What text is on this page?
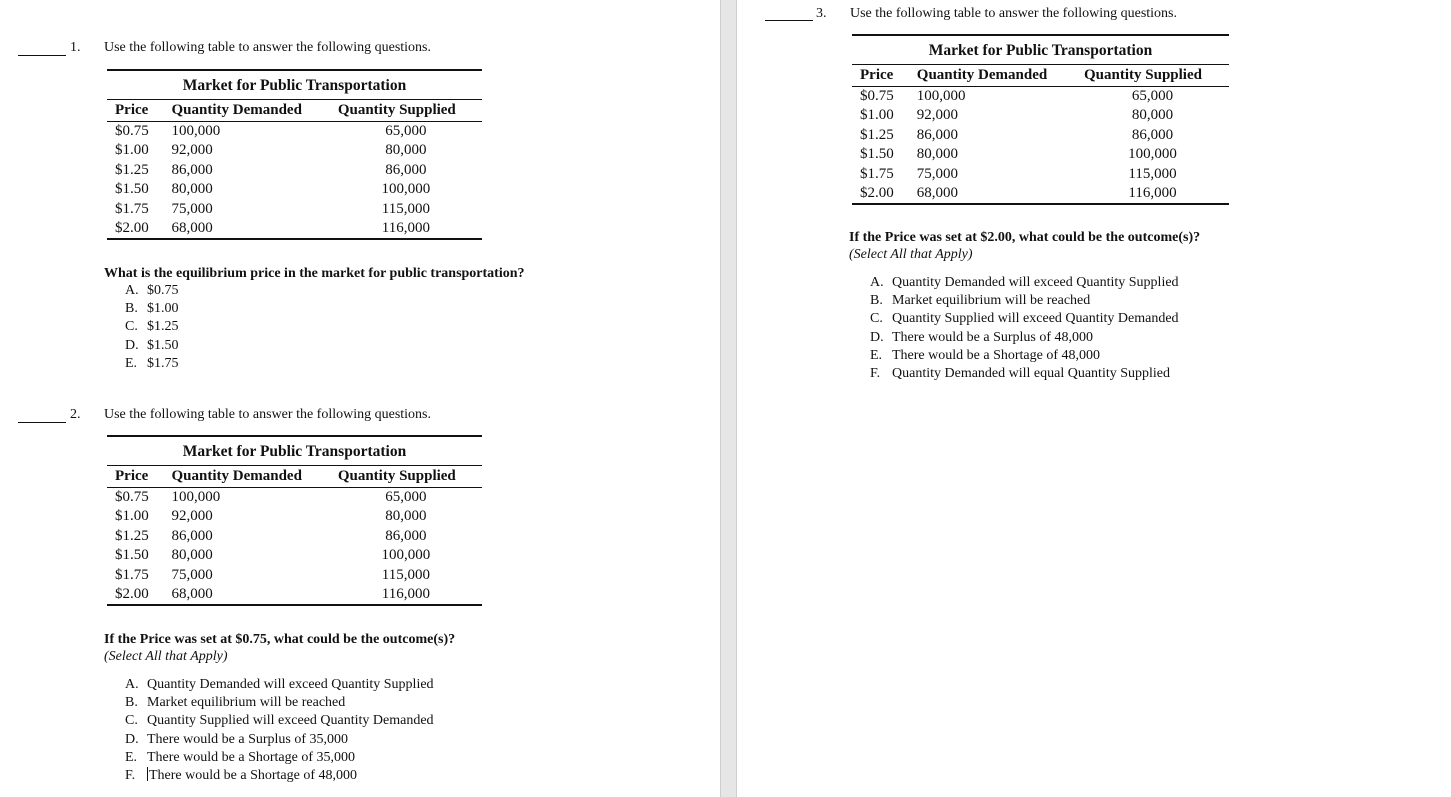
1. Use the following table to answer the following questions.
Market for Public Transportation
Price	Quantity Demanded	Quantity Supplied
$0.75	100,000	65,000
$1.00	92,000	80,000
$1.25	86,000	86,000
$1.50	80,000	100,000
$1.75	75,000	115,000
$2.00	68,000	116,000
What is the equilibrium price in the market for public transportation?
A. $0.75
B. $1.00
C. $1.25
D. $1.50
E. $1.75
2. Use the following table to answer the following questions.
Market for Public Transportation
Price	Quantity Demanded	Quantity Supplied
$0.75	100,000	65,000
$1.00	92,000	80,000
$1.25	86,000	86,000
$1.50	80,000	100,000
$1.75	75,000	115,000
$2.00	68,000	116,000
If the Price was set at $0.75, what could be the outcome(s)?
(Select All that Apply)
A. Quantity Demanded will exceed Quantity Supplied
B. Market equilibrium will be reached
C. Quantity Supplied will exceed Quantity Demanded
D. There would be a Surplus of 35,000
E. There would be a Shortage of 35,000
F. There would be a Shortage of 48,000
3. Use the following table to answer the following questions.
Market for Public Transportation
Price	Quantity Demanded	Quantity Supplied
$0.75	100,000	65,000
$1.00	92,000	80,000
$1.25	86,000	86,000
$1.50	80,000	100,000
$1.75	75,000	115,000
$2.00	68,000	116,000
If the Price was set at $2.00, what could be the outcome(s)?
(Select All that Apply)
A. Quantity Demanded will exceed Quantity Supplied
B. Market equilibrium will be reached
C. Quantity Supplied will exceed Quantity Demanded
D. There would be a Surplus of 48,000
E. There would be a Shortage of 48,000
F. Quantity Demanded will equal Quantity Supplied
